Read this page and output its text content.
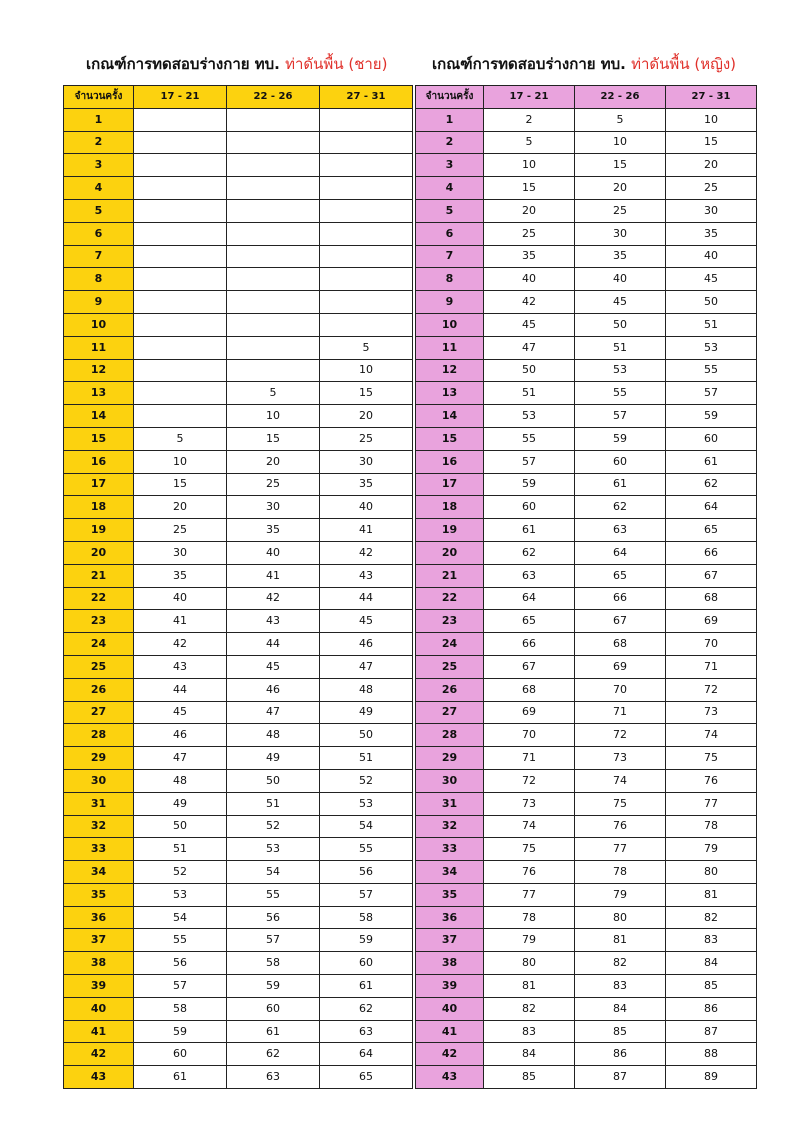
เกณฑ์การทดสอบร่างกาย ทบ. ท่าดันพื้น (ชาย)	เกณฑ์การทดสอบร่างกาย ทบ. ท่าดันพื้น (หญิง)
จำนวนครั้ง	17 - 21	22 - 26	27 - 31
1			
2			
3			
4			
5			
6			
7			
8			
9			
10			
11			5
12			10
13		5	15
14		10	20
15	5	15	25
16	10	20	30
17	15	25	35
18	20	30	40
19	25	35	41
20	30	40	42
21	35	41	43
22	40	42	44
23	41	43	45
24	42	44	46
25	43	45	47
26	44	46	48
27	45	47	49
28	46	48	50
29	47	49	51
30	48	50	52
31	49	51	53
32	50	52	54
33	51	53	55
34	52	54	56
35	53	55	57
36	54	56	58
37	55	57	59
38	56	58	60
39	57	59	61
40	58	60	62
41	59	61	63
42	60	62	64
43	61	63	65
จำนวนครั้ง	17 - 21	22 - 26	27 - 31
1	2	5	10
2	5	10	15
3	10	15	20
4	15	20	25
5	20	25	30
6	25	30	35
7	35	35	40
8	40	40	45
9	42	45	50
10	45	50	51
11	47	51	53
12	50	53	55
13	51	55	57
14	53	57	59
15	55	59	60
16	57	60	61
17	59	61	62
18	60	62	64
19	61	63	65
20	62	64	66
21	63	65	67
22	64	66	68
23	65	67	69
24	66	68	70
25	67	69	71
26	68	70	72
27	69	71	73
28	70	72	74
29	71	73	75
30	72	74	76
31	73	75	77
32	74	76	78
33	75	77	79
34	76	78	80
35	77	79	81
36	78	80	82
37	79	81	83
38	80	82	84
39	81	83	85
40	82	84	86
41	83	85	87
42	84	86	88
43	85	87	89
